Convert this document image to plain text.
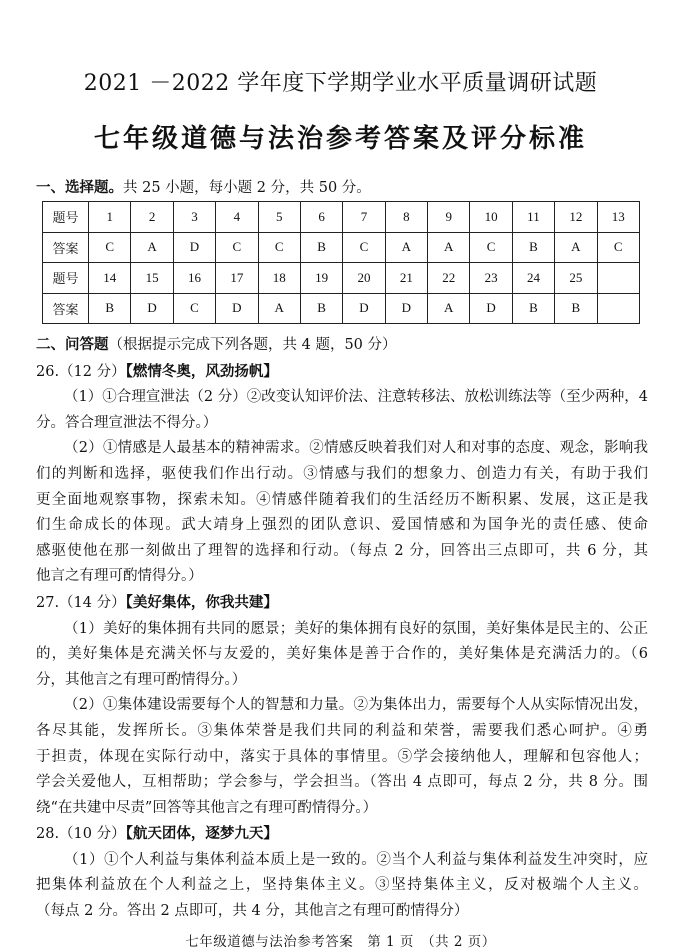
2021 －2022 学年度下学期学业水平质量调研试题
七年级道德与法治参考答案及评分标准
一、选择题。共 25 小题，每小题 2 分，共 50 分。
题号	1	2	3	4	5	6	7	8	9	10	11	12	13
答案	C	A	D	C	C	B	C	A	A	C	B	A	C
题号	14	15	16	17	18	19	20	21	22	23	24	25	
答案	B	D	C	D	A	B	D	D	A	D	B	B	
二、问答题（根据提示完成下列各题，共 4 题，50 分）
26.（12 分）【燃情冬奥，风劲扬帆】
（1）①合理宣泄法（2 分）②改变认知评价法、注意转移法、放松训练法等（至少两种，4
分。答合理宣泄法不得分。）
（2）①情感是人最基本的精神需求。②情感反映着我们对人和对事的态度、观念，影响我
们的判断和选择，驱使我们作出行动。③情感与我们的想象力、创造力有关，有助于我们
更全面地观察事物，探索未知。④情感伴随着我们的生活经历不断积累、发展，这正是我
们生命成长的体现。武大靖身上强烈的团队意识、爱国情感和为国争光的责任感、使命
感驱使他在那一刻做出了理智的选择和行动。（每点 2 分，回答出三点即可，共 6 分，其
他言之有理可酌情得分。）
27.（14 分）【美好集体，你我共建】
（1）美好的集体拥有共同的愿景；美好的集体拥有良好的氛围，美好集体是民主的、公正
的，美好集体是充满关怀与友爱的，美好集体是善于合作的，美好集体是充满活力的。（6
分，其他言之有理可酌情得分。）
（2）①集体建设需要每个人的智慧和力量。②为集体出力，需要每个人从实际情况出发，
各尽其能，发挥所长。③集体荣誉是我们共同的利益和荣誉，需要我们悉心呵护。④勇
于担责，体现在实际行动中，落实于具体的事情里。⑤学会接纳他人，理解和包容他人；
学会关爱他人，互相帮助；学会参与，学会担当。（答出 4 点即可，每点 2 分，共 8 分。围
绕“在共建中尽责”回答等其他言之有理可酌情得分。）
28.（10 分）【航天团体，逐梦九天】
（1）①个人利益与集体利益本质上是一致的。②当个人利益与集体利益发生冲突时，应
把集体利益放在个人利益之上，坚持集体主义。③坚持集体主义，反对极端个人主义。
（每点 2 分。答出 2 点即可，共 4 分，其他言之有理可酌情得分）
七年级道德与法治参考答案　第 1 页　（共 2 页）
